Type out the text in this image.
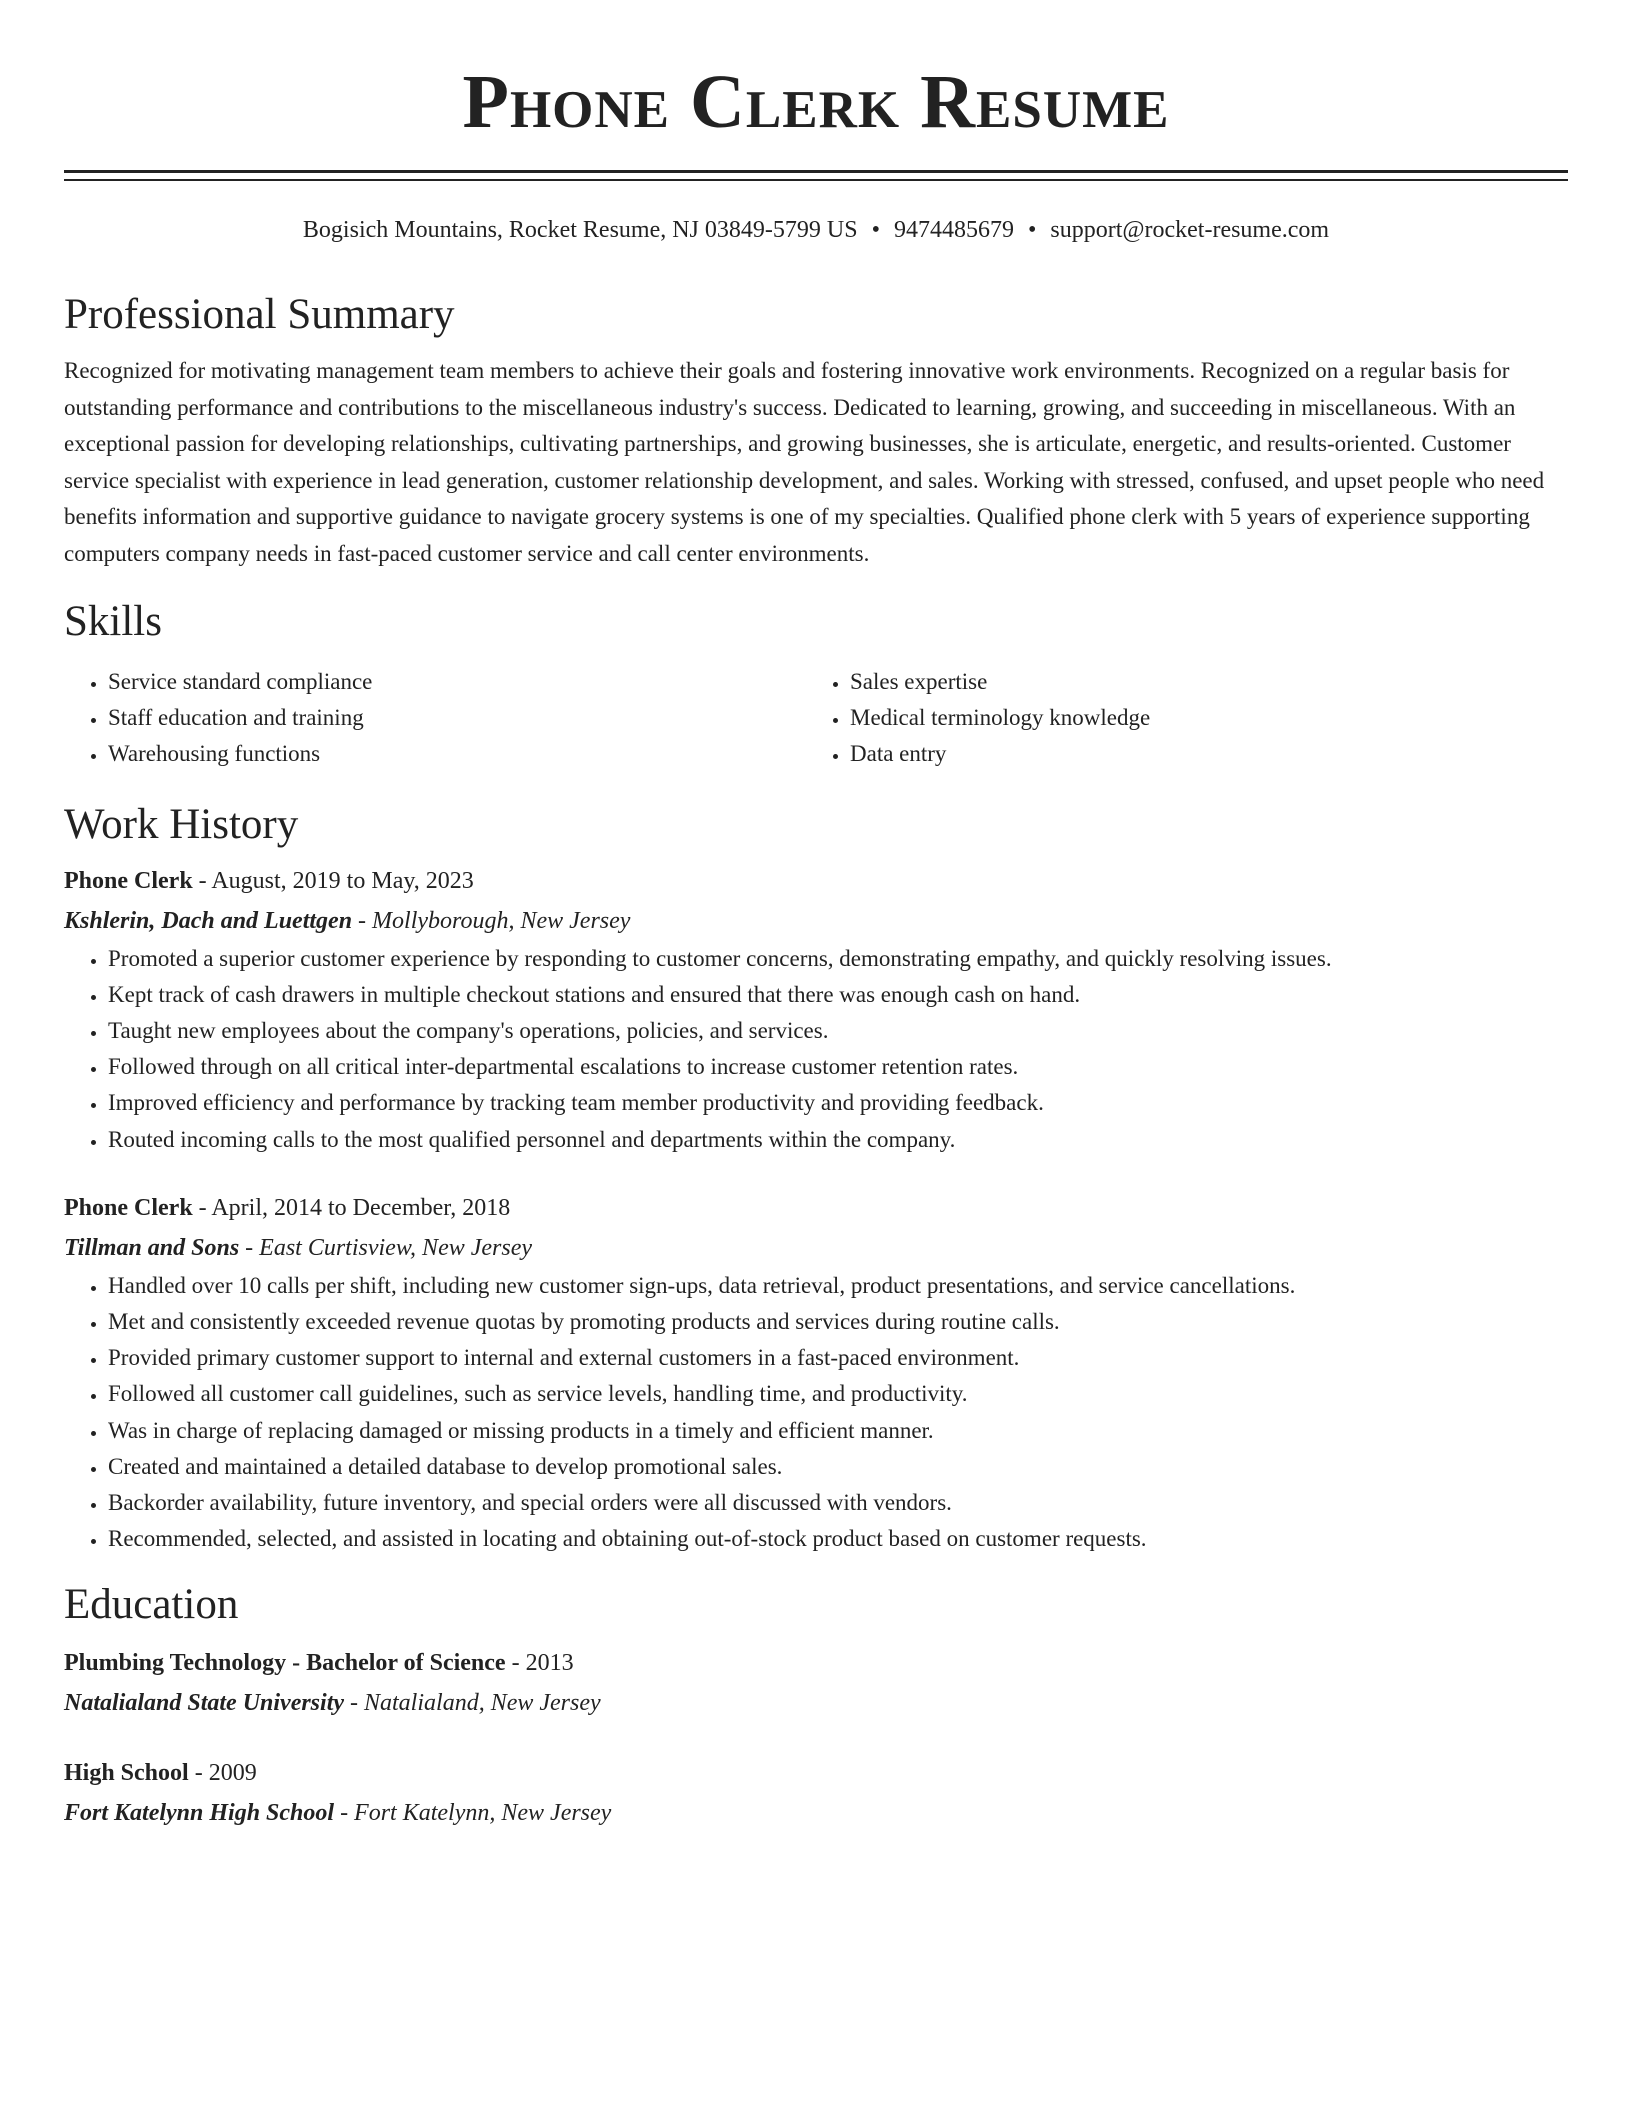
Phone Clerk Resume
Bogisich Mountains, Rocket Resume, NJ 03849-5799 US • 9474485679 • support@rocket-resume.com
Professional Summary
Recognized for motivating management team members to achieve their goals and fostering innovative work environments. Recognized on a regular basis for outstanding performance and contributions to the miscellaneous industry's success. Dedicated to learning, growing, and succeeding in miscellaneous. With an exceptional passion for developing relationships, cultivating partnerships, and growing businesses, she is articulate, energetic, and results-oriented. Customer service specialist with experience in lead generation, customer relationship development, and sales. Working with stressed, confused, and upset people who need benefits information and supportive guidance to navigate grocery systems is one of my specialties. Qualified phone clerk with 5 years of experience supporting computers company needs in fast-paced customer service and call center environments.
Skills
• Service standard compliance
• Staff education and training
• Warehousing functions
• Sales expertise
• Medical terminology knowledge
• Data entry
Work History
Phone Clerk - August, 2019 to May, 2023
Kshlerin, Dach and Luettgen - Mollyborough, New Jersey
• Promoted a superior customer experience by responding to customer concerns, demonstrating empathy, and quickly resolving issues.
• Kept track of cash drawers in multiple checkout stations and ensured that there was enough cash on hand.
• Taught new employees about the company's operations, policies, and services.
• Followed through on all critical inter-departmental escalations to increase customer retention rates.
• Improved efficiency and performance by tracking team member productivity and providing feedback.
• Routed incoming calls to the most qualified personnel and departments within the company.
Phone Clerk - April, 2014 to December, 2018
Tillman and Sons - East Curtisview, New Jersey
• Handled over 10 calls per shift, including new customer sign-ups, data retrieval, product presentations, and service cancellations.
• Met and consistently exceeded revenue quotas by promoting products and services during routine calls.
• Provided primary customer support to internal and external customers in a fast-paced environment.
• Followed all customer call guidelines, such as service levels, handling time, and productivity.
• Was in charge of replacing damaged or missing products in a timely and efficient manner.
• Created and maintained a detailed database to develop promotional sales.
• Backorder availability, future inventory, and special orders were all discussed with vendors.
• Recommended, selected, and assisted in locating and obtaining out-of-stock product based on customer requests.
Education
Plumbing Technology - Bachelor of Science - 2013
Natalialand State University - Natalialand, New Jersey
High School - 2009
Fort Katelynn High School - Fort Katelynn, New Jersey
